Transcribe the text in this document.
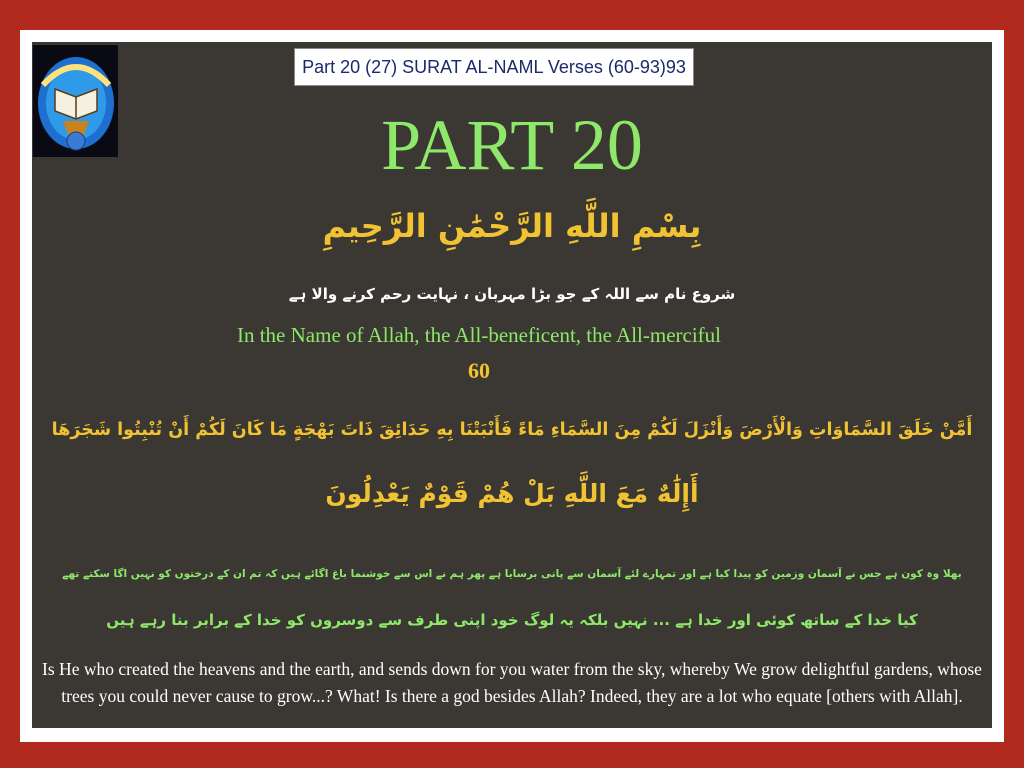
Part 20 (27) SURAT AL-NAML Verses (60-93)93
PART 20
بِسْمِ اللَّهِ الرَّحْمَٰنِ الرَّحِيمِ
شروع نام سے اللہ کے جو بڑا مہربان ، نہایت رحم کرنے والا ہے
In the Name of Allah, the All-beneficent, the All-merciful
60
أَمَّنْ خَلَقَ السَّمَاوَاتِ وَالْأَرْضَ وَأَنْزَلَ لَكُمْ مِنَ السَّمَاءِ مَاءً فَأَنْبَتْنَا بِهِ حَدَائِقَ ذَاتَ بَهْجَةٍ مَا كَانَ لَكُمْ أَنْ تُنْبِتُوا شَجَرَهَا
أَإِلَٰهٌ مَعَ اللَّهِ بَلْ هُمْ قَوْمٌ يَعْدِلُونَ
بھلا وہ کون ہے جس نے آسمان وزمین کو پیدا کیا ہے اور تمہارے لئے آسمان سے پانی برسایا ہے پھر ہم نے اس سے خوشنما باغ اگائے ہیں کہ تم ان کے درختوں کو نہیں اگا سکتے تھے
کیا خدا کے ساتھ کوئی اور خدا ہے ... نہیں بلکہ یہ لوگ خود اپنی طرف سے دوسروں کو خدا کے برابر بنا رہے ہیں
Is He who created the heavens and the earth, and sends down for you water from the sky, whereby We grow delightful gardens, whose trees you could never cause to grow...? What! Is there a god besides Allah? Indeed, they are a lot who equate [others with Allah].
